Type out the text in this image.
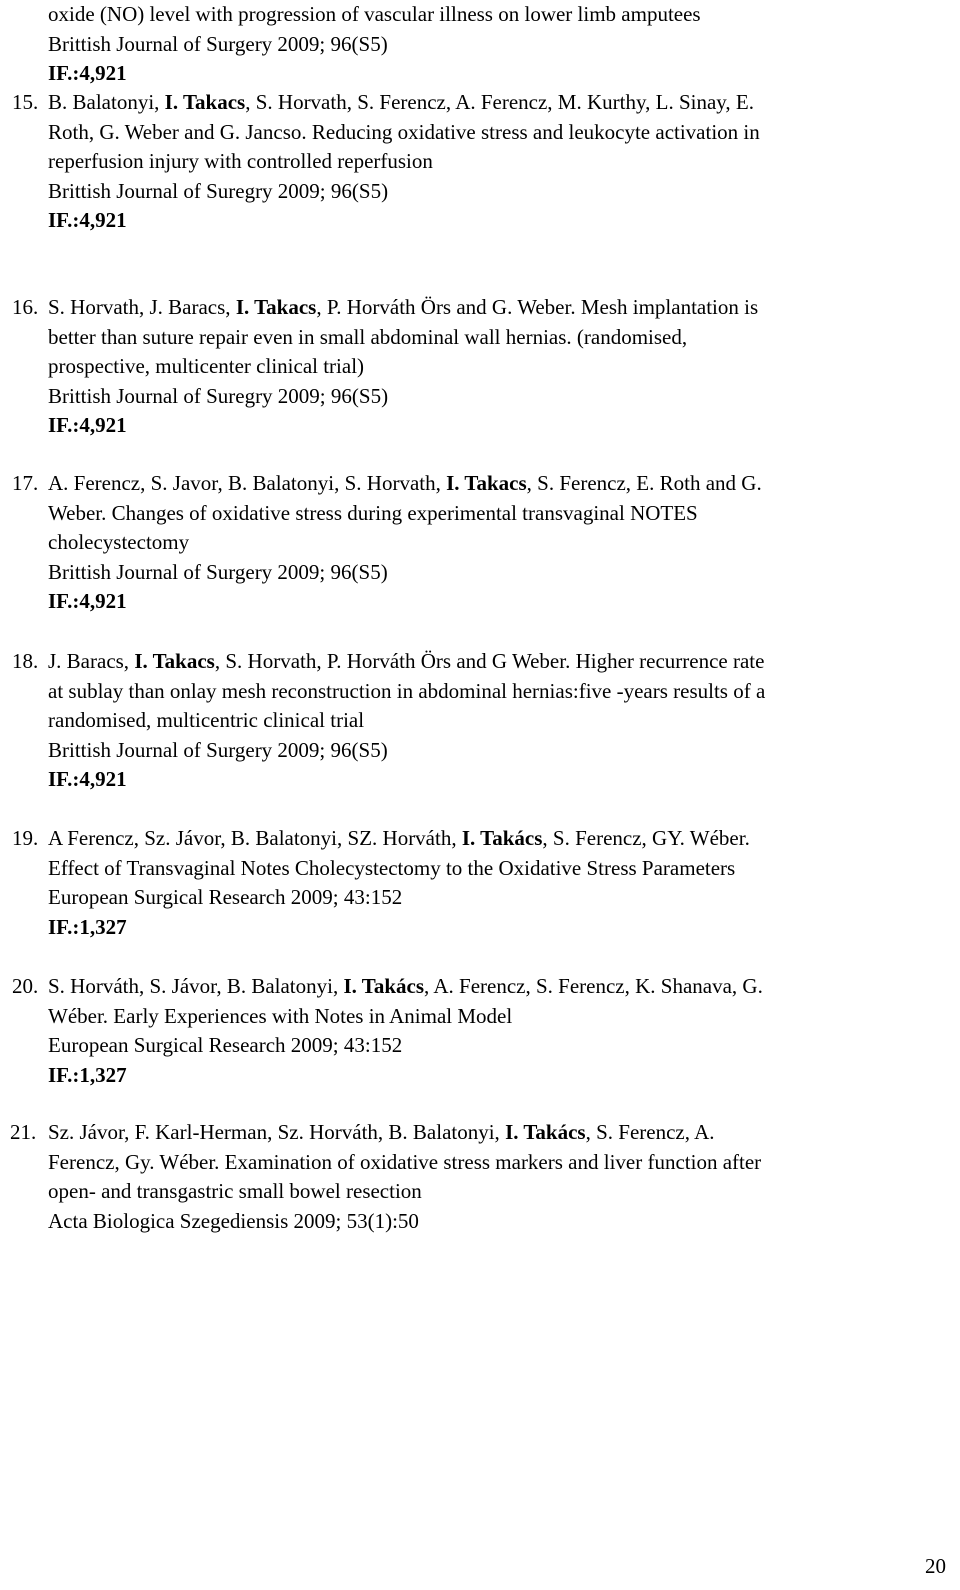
oxide (NO) level with progression of vascular illness on lower limb amputees
Brittish Journal of Surgery 2009; 96(S5)
IF.:4,921
15. B. Balatonyi, I. Takacs, S. Horvath, S. Ferencz, A. Ferencz, M. Kurthy, L. Sinay, E.
Roth, G. Weber and G. Jancso. Reducing oxidative stress and leukocyte activation in
reperfusion injury with controlled reperfusion
Brittish Journal of Suregry 2009; 96(S5)
IF.:4,921
16. S. Horvath, J. Baracs, I. Takacs, P. Horváth Örs and G. Weber. Mesh implantation is
better than suture repair even in small abdominal wall hernias. (randomised,
prospective, multicenter clinical trial)
Brittish Journal of Suregry 2009; 96(S5)
IF.:4,921
17. A. Ferencz, S. Javor, B. Balatonyi, S. Horvath, I. Takacs, S. Ferencz, E. Roth and G.
Weber. Changes of oxidative stress during experimental transvaginal NOTES
cholecystectomy
Brittish Journal of Surgery 2009; 96(S5)
IF.:4,921
18. J. Baracs, I. Takacs, S. Horvath, P. Horváth Örs and G Weber. Higher recurrence rate
at sublay than onlay mesh reconstruction in abdominal hernias:five -years results of a
randomised, multicentric clinical trial
Brittish Journal of Surgery 2009; 96(S5)
IF.:4,921
19. A Ferencz, Sz. Jávor, B. Balatonyi, SZ. Horváth, I. Takács, S. Ferencz, GY. Wéber.
Effect of Transvaginal Notes Cholecystectomy to the Oxidative Stress Parameters
European Surgical Research 2009; 43:152
IF.:1,327
20. S. Horváth, S. Jávor, B. Balatonyi, I. Takács, A. Ferencz, S. Ferencz, K. Shanava, G.
Wéber. Early Experiences with Notes in Animal Model
European Surgical Research 2009; 43:152
IF.:1,327
21. Sz. Jávor, F. Karl-Herman, Sz. Horváth, B. Balatonyi, I. Takács, S. Ferencz, A.
Ferencz, Gy. Wéber. Examination of oxidative stress markers and liver function after
open- and transgastric small bowel resection
Acta Biologica Szegediensis 2009; 53(1):50
20
